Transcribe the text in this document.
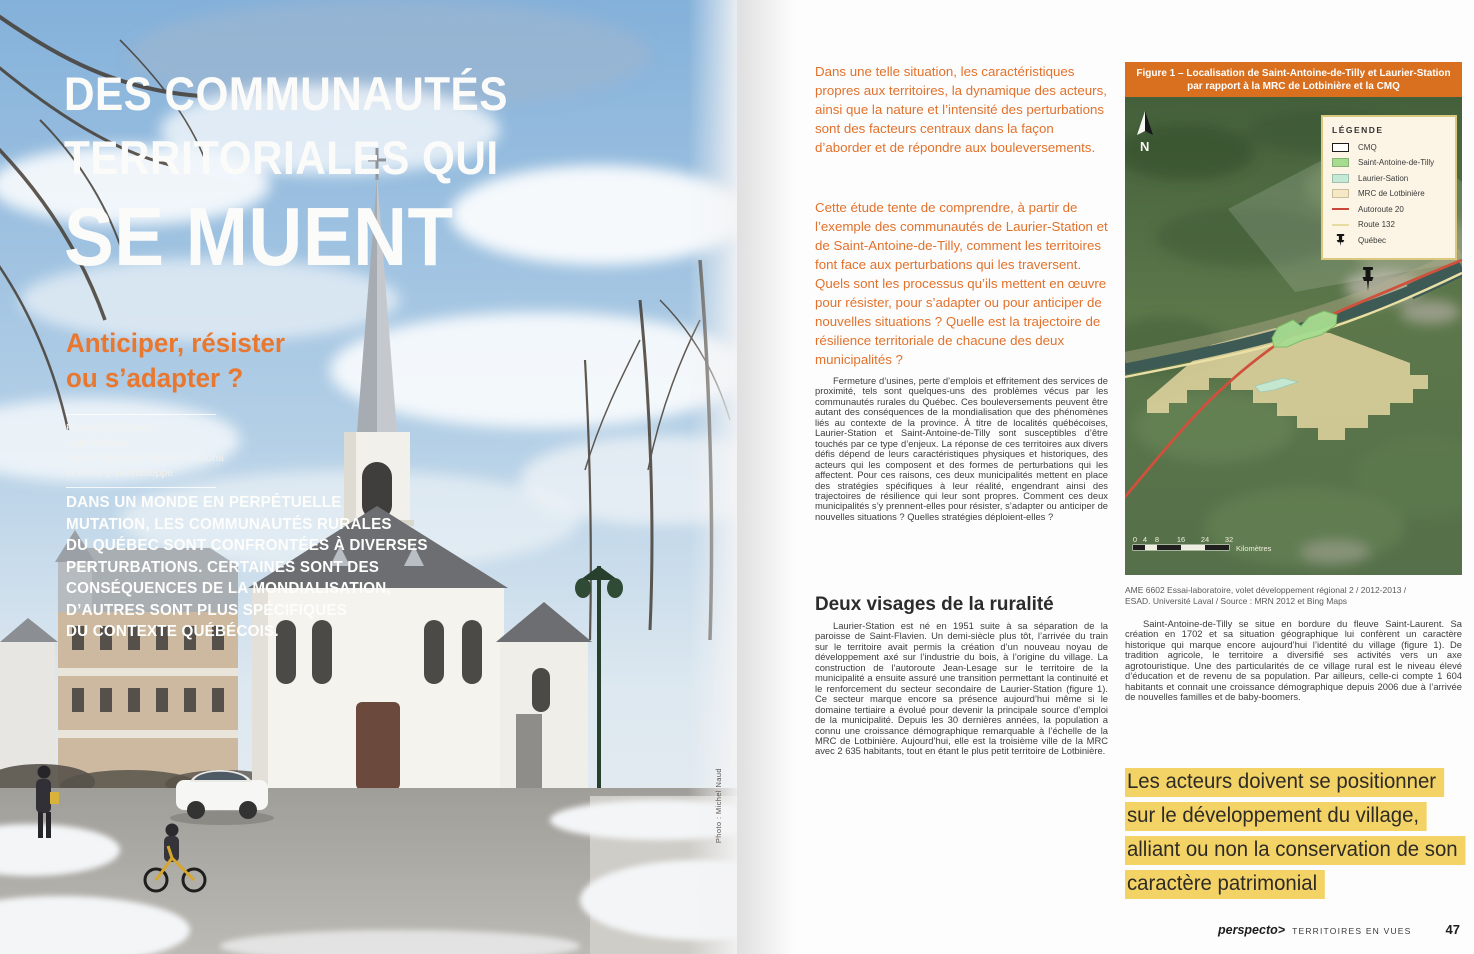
DES COMMUNAUTÉS
TERRITORIALES QUI
SE MUENT
Anticiper, résister
ou s’adapter ?
Par Michaël Caron,
Julie Pellerin,
Hernan Mauricio Pinzon Villabona
et Mélany Westerloppe
DANS UN MONDE EN PERPÉTUELLE
MUTATION, LES COMMUNAUTÉS RURALES
DU QUÉBEC SONT CONFRONTÉES À DIVERSES
PERTURBATIONS. CERTAINES SONT DES
CONSÉQUENCES DE LA MONDIALISATION,
D’AUTRES SONT PLUS SPÉCIFIQUES
DU CONTEXTE QUÉBÉCOIS.
Photo : Michel Naud
Dans une telle situation, les caractéristiques propres aux territoires, la dynamique des acteurs, ainsi que la nature et l’intensité des perturbations sont des facteurs centraux dans la façon d’aborder et de répondre aux bouleversements.
Cette étude tente de comprendre, à partir de l’exemple des communautés de Laurier-Station et de Saint-Antoine-de-Tilly, comment les territoires font face aux perturbations qui les traversent. Quels sont les processus qu’ils mettent en œuvre pour résister, pour s’adapter ou pour anticiper de nouvelles situations ? Quelle est la trajectoire de résilience territoriale de chacune des deux municipalités ?
Fermeture d’usines, perte d’emplois et effritement des services de proximité, tels sont quelques-uns des problèmes vécus par les communautés rurales du Québec. Ces bouleversements peuvent être autant des conséquences de la mondialisation que des phénomènes liés au contexte de la province. À titre de localités québécoises, Laurier-Station et Saint-Antoine-de-Tilly sont susceptibles d’être touchés par ce type d’enjeux. La réponse de ces territoires aux divers défis dépend de leurs caractéristiques physiques et historiques, des acteurs qui les composent et des formes de perturbations qui les affectent. Pour ces raisons, ces deux municipalités mettent en place des stratégies spécifiques à leur réalité, engendrant ainsi des trajectoires de résilience qui leur sont propres. Comment ces deux municipalités s’y prennent-elles pour résister, s’adapter ou anticiper de nouvelles situations ? Quelles stratégies déploient-elles ?
Deux visages de la ruralité
Laurier-Station est né en 1951 suite à sa séparation de la paroisse de Saint-Flavien. Un demi-siècle plus tôt, l’arrivée du train sur le territoire avait permis la création d’un nouveau noyau de développement axé sur l’industrie du bois, à l’origine du village. La construction de l’autoroute Jean-Lesage sur le territoire de la municipalité a ensuite assuré une transition permettant la continuité et le renforcement du secteur secondaire de Laurier-Station (figure 1). Ce secteur marque encore sa présence aujourd’hui même si le domaine tertiaire a évolué pour devenir la principale source d’emploi de la municipalité. Depuis les 30 dernières années, la population a connu une croissance démographique remarquable à l’échelle de la MRC de Lotbinière. Aujourd’hui, elle est la troisième ville de la MRC avec 2 635 habitants, tout en étant le plus petit territoire de Lotbinière.
Figure 1 – Localisation de Saint-Antoine-de-Tilly et Laurier-Station
par rapport à la MRC de Lotbinière et la CMQ
N
0 4 8 16 24 32
Kilomètres
LÉGENDE
CMQ
Saint-Antoine-de-Tilly
Laurier-Sation
MRC de Lotbinière
Autoroute 20
Route 132
Québec
AME 6602 Essai-laboratoire, volet développement régional 2 / 2012-2013 /
ESAD. Université Laval / Source : MRN 2012 et Bing Maps
Saint-Antoine-de-Tilly se situe en bordure du fleuve Saint-Laurent. Sa création en 1702 et sa situation géographique lui confèrent un caractère historique qui marque encore aujourd’hui l’identité du village (figure 1). De tradition agricole, le territoire a diversifié ses activités vers un axe agrotouristique. Une des particularités de ce village rural est le niveau élevé d’éducation et de revenu de sa population. Par ailleurs, celle-ci compte 1 604 habitants et connait une croissance démographique depuis 2006 due à l’arrivée de nouvelles familles et de baby-boomers.
Les acteurs doivent se positionner
sur le développement du village,
alliant ou non la conservation de son
caractère patrimonial
perspecto> TERRITOIRES EN VUES	47
